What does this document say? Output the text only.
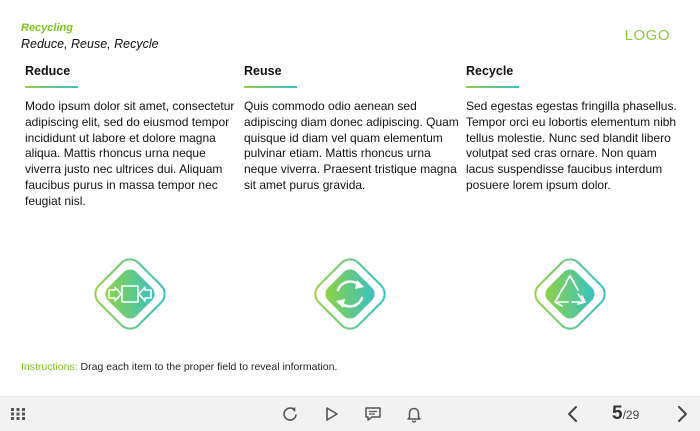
Recycling
Reduce, Reuse, Recycle	LOGO
Reduce

Modo ipsum dolor sit amet, consectetur adipiscing elit, sed do eiusmod tempor incididunt ut labore et dolore magna aliqua. Mattis rhoncus urna neque viverra justo nec ultrices dui. Aliquam faucibus purus in massa tempor nec feugiat nisl.

Reuse

Quis commodo odio aenean sed adipiscing diam donec adipiscing. Quam quisque id diam vel quam elementum pulvinar etiam. Mattis rhoncus urna neque viverra. Praesent tristique magna sit amet purus gravida.

Recycle

Sed egestas egestas fringilla phasellus. Tempor orci eu lobortis elementum nibh tellus molestie. Nunc sed blandit libero volutpat sed cras ornare. Non quam lacus suspendisse faucibus interdum posuere lorem ipsum dolor.

Instructions: Drag each item to the proper field to reveal information.
5/29
